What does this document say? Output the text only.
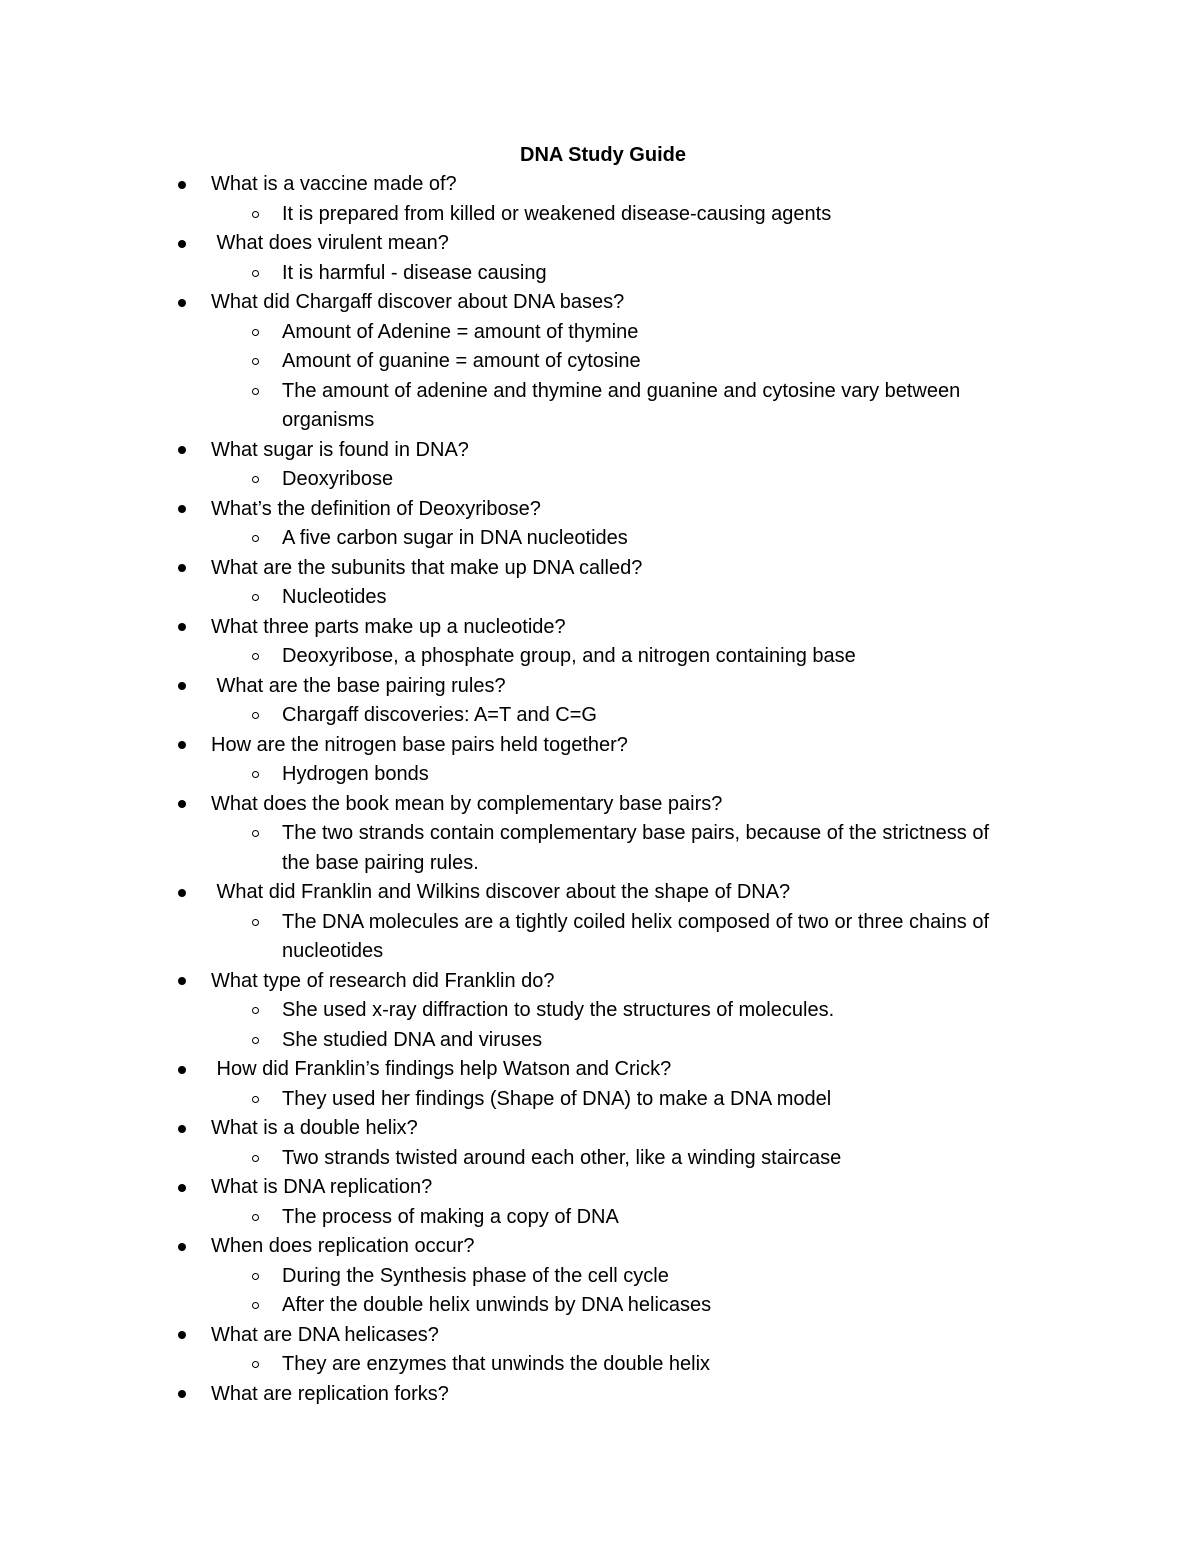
DNA Study Guide
What is a vaccine made of?
It is prepared from killed or weakened disease-causing agents
What does virulent mean?
It is harmful - disease causing
What did Chargaff discover about DNA bases?
Amount of Adenine = amount of thymine
Amount of guanine = amount of cytosine
The amount of adenine and thymine and guanine and cytosine vary between
organisms
What sugar is found in DNA?
Deoxyribose
What’s the definition of Deoxyribose?
A five carbon sugar in DNA nucleotides
What are the subunits that make up DNA called?
Nucleotides
What three parts make up a nucleotide?
Deoxyribose, a phosphate group, and a nitrogen containing base
What are the base pairing rules?
Chargaff discoveries: A=T and C=G
How are the nitrogen base pairs held together?
Hydrogen bonds
What does the book mean by complementary base pairs?
The two strands contain complementary base pairs, because of the strictness of
the base pairing rules.
What did Franklin and Wilkins discover about the shape of DNA?
The DNA molecules are a tightly coiled helix composed of two or three chains of
nucleotides
What type of research did Franklin do?
She used x-ray diffraction to study the structures of molecules.
She studied DNA and viruses
How did Franklin’s findings help Watson and Crick?
They used her findings (Shape of DNA) to make a DNA model
What is a double helix?
Two strands twisted around each other, like a winding staircase
What is DNA replication?
The process of making a copy of DNA
When does replication occur?
During the Synthesis phase of the cell cycle
After the double helix unwinds by DNA helicases
What are DNA helicases?
They are enzymes that unwinds the double helix
What are replication forks?
